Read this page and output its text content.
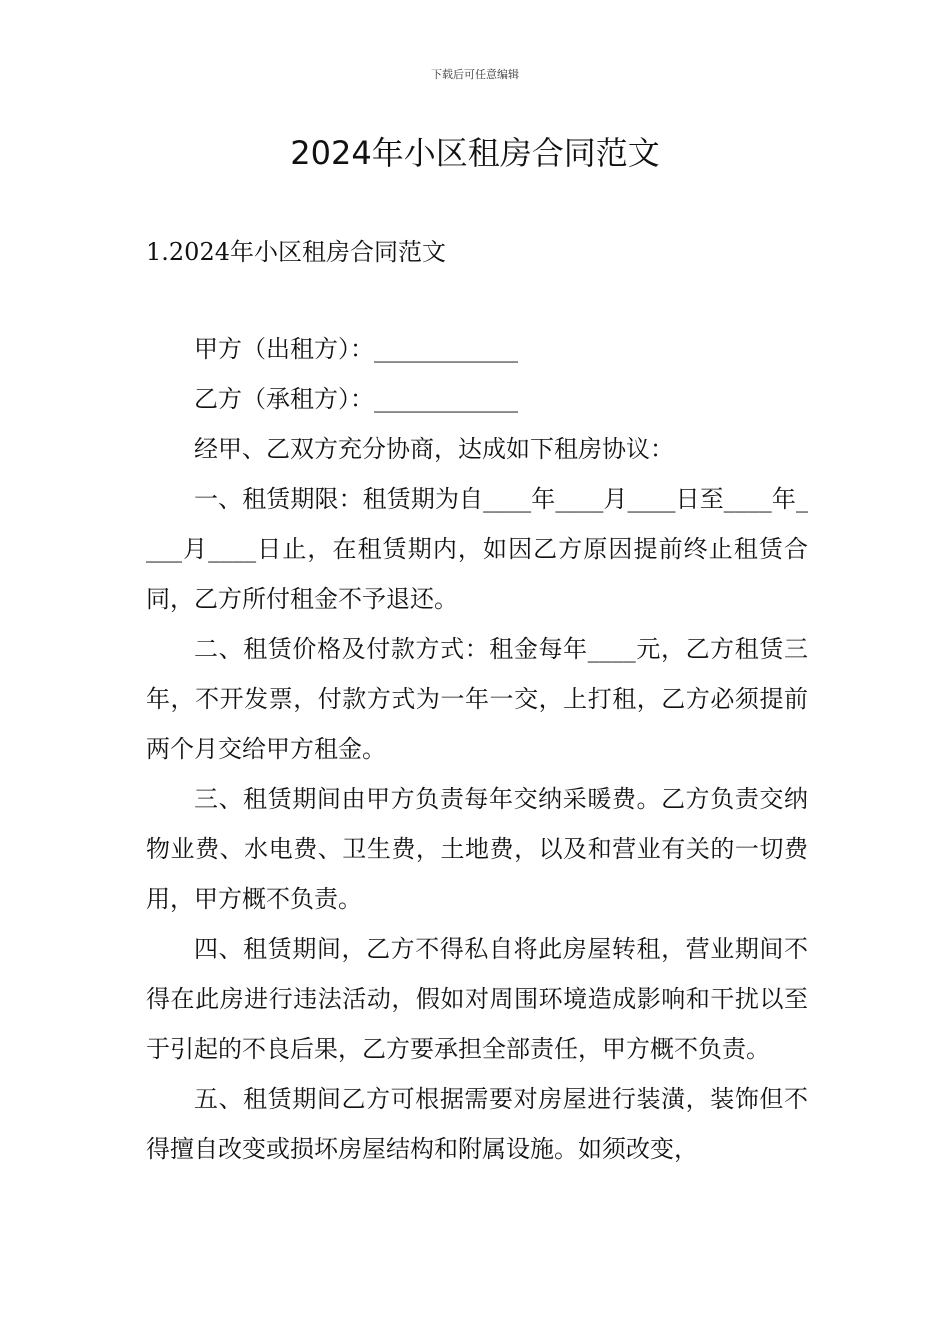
下载后可任意编辑
2024年小区租房合同范文
1.2024年小区租房合同范文

甲方（出租方）：____________

乙方（承租方）：____________

经甲、乙双方充分协商，达成如下租房协议：

一、租赁期限：租赁期为自____年____月____日至____年____月____日止，在租赁期内，如因乙方原因提前终止租赁合同，乙方所付租金不予退还。

二、租赁价格及付款方式：租金每年____元，乙方租赁三年，不开发票，付款方式为一年一交，上打租，乙方必须提前两个月交给甲方租金。

三、租赁期间由甲方负责每年交纳采暖费。乙方负责交纳物业费、水电费、卫生费，土地费，以及和营业有关的一切费用，甲方概不负责。

四、租赁期间，乙方不得私自将此房屋转租，营业期间不得在此房进行违法活动，假如对周围环境造成影响和干扰以至于引起的不良后果，乙方要承担全部责任，甲方概不负责。

五、租赁期间乙方可根据需要对房屋进行装潢，装饰但不得擅自改变或损坏房屋结构和附属设施。如须改变，
